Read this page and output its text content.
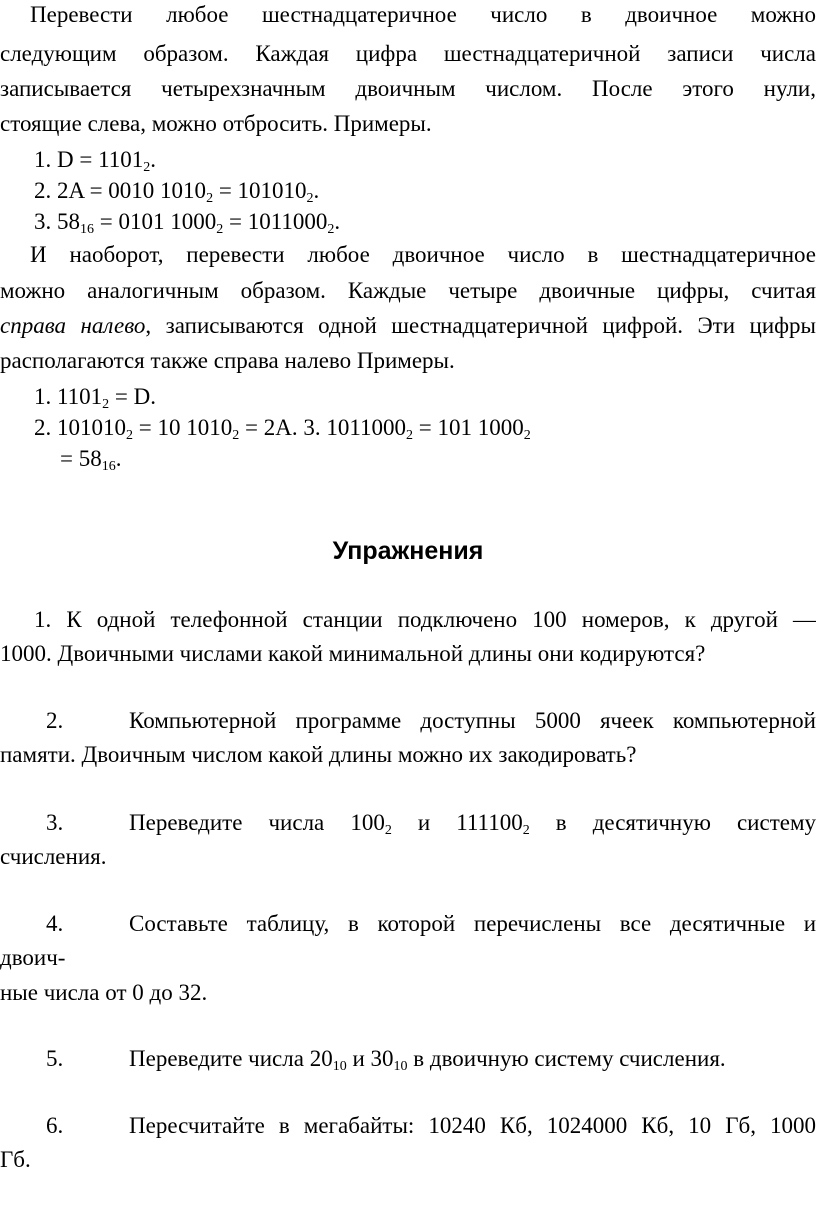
Перевести любое шестнадцатеричное число в двоичное можно

следующим образом. Каждая цифра шестнадцатеричной записи числа

записывается четырехзначным двоичным числом. После этого нули,

стоящие слева, можно отбросить. Примеры.

1. $D = 1101_2$.

2. 2A = 0010 $1010_2 = 101010_2$.

3. $58_{16} = 0101$ $1000_2 = 1011000_2$.

И наоборот, перевести любое двоичное число в шестнадцатеричное

можно аналогичным образом. Каждые четыре двоичные цифры, считая

справа налево, записываются одной шестнадцатеричной цифрой. Эти цифры

располагаются также справа налево Примеры.

1. $1101_2 = D$.

2. $101010_2 = 10$ $1010_2 = 2A$. 3. $1011000_2 = 101$ $1000_2$

= $58_{16}$.

Упражнения

1. К одной телефонной станции подключено 100 номеров, к другой —

1000. Двоичными числами какой минимальной длины они кодируются?

2.	Компьютерной программе доступны 5000 ячеек компьютерной

памяти. Двоичным числом какой длины можно их закодировать?

3.	Переведите числа $100_2$ и $111100_2$ в десятичную систему

счисления.

4.	Составьте таблицу, в которой перечислены все десятичные и

двоич-

ные числа от 0 до 32.

5.	Переведите числа $20_{10}$ и $30_{10}$ в двоичную систему счисления.

6.	Пересчитайте в мегабайты: 10240 Кб, 1024000 Кб, 10 Гб, 1000

Гб.
